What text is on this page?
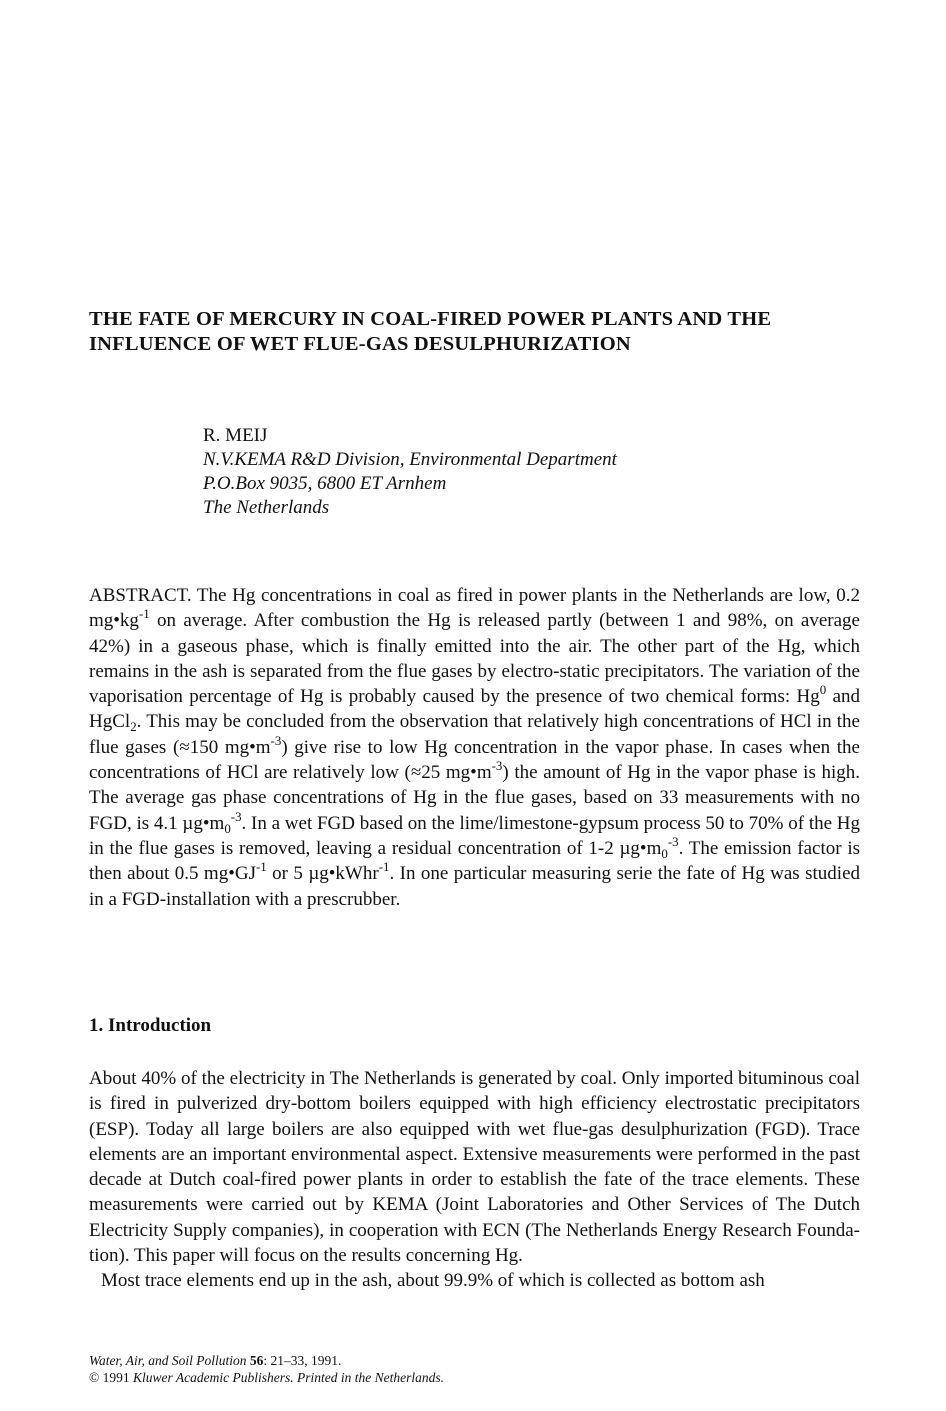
THE FATE OF MERCURY IN COAL-FIRED POWER PLANTS AND THE
INFLUENCE OF WET FLUE-GAS DESULPHURIZATION
R. MEIJ
N.V.KEMA R&D Division, Environmental Department
P.O.Box 9035, 6800 ET Arnhem
The Netherlands
ABSTRACT. The Hg concentrations in coal as fired in power plants in the Netherlands are low, 0.2 $mg•kg^{-1}$ on average. After combustion the Hg is released partly (between 1 and 98%, on average 42%) in a gaseous phase, which is finally emitted into the air. The other part of the Hg, which remains in the ash is separated from the flue gases by electro-static precipitators. The variation of the vaporisation percentage of Hg is probably caused by the presence of two chemical forms: Hg$^0$ and HgCl$_2$. This may be concluded from the observation that relatively high concentrations of HCl in the flue gases (≈150 $mg•m^{-3}$) give rise to low Hg concentration in the vapor phase. In cases when the concentrations of HCl are relatively low (≈25 $mg•m^{-3}$) the amount of Hg in the vapor phase is high. The average gas phase concentrations of Hg in the flue gases, based on 33 measurements with no FGD, is 4.1 $\mu g•m_0^{-3}$. In a wet FGD based on the lime/limestone-gypsum process 50 to 70% of the Hg in the flue gases is removed, leaving a residual concentration of 1-2 $\mu g•m_0^{-3}$. The emission factor is then about 0.5 $mg•GJ^{-1}$ or 5 µg•kWhr$^{-1}$. In one particular measuring serie the fate of Hg was studied in a FGD-installation with a prescrubber.
1. Introduction

About 40% of the electricity in The Netherlands is generated by coal. Only imported bituminous coal is fired in pulverized dry-bottom boilers equipped with high efficiency electrostatic precipitators (ESP). Today all large boilers are also equipped with wet flue-gas desulphurization (FGD). Trace elements are an important environmental aspect. Extensive measurements were performed in the past decade at Dutch coal-fired power plants in order to establish the fate of the trace elements. These measurements were carried out by KEMA (Joint Laboratories and Other Services of The Dutch Electricity Supply companies), in cooperation with ECN (The Netherlands Energy Research Founda-tion). This paper will focus on the results concerning Hg.

Most trace elements end up in the ash, about 99.9% of which is collected as bottom ash

Water, Air, and Soil Pollution 56: 21–33, 1991.
© 1991 Kluwer Academic Publishers. Printed in the Netherlands.
